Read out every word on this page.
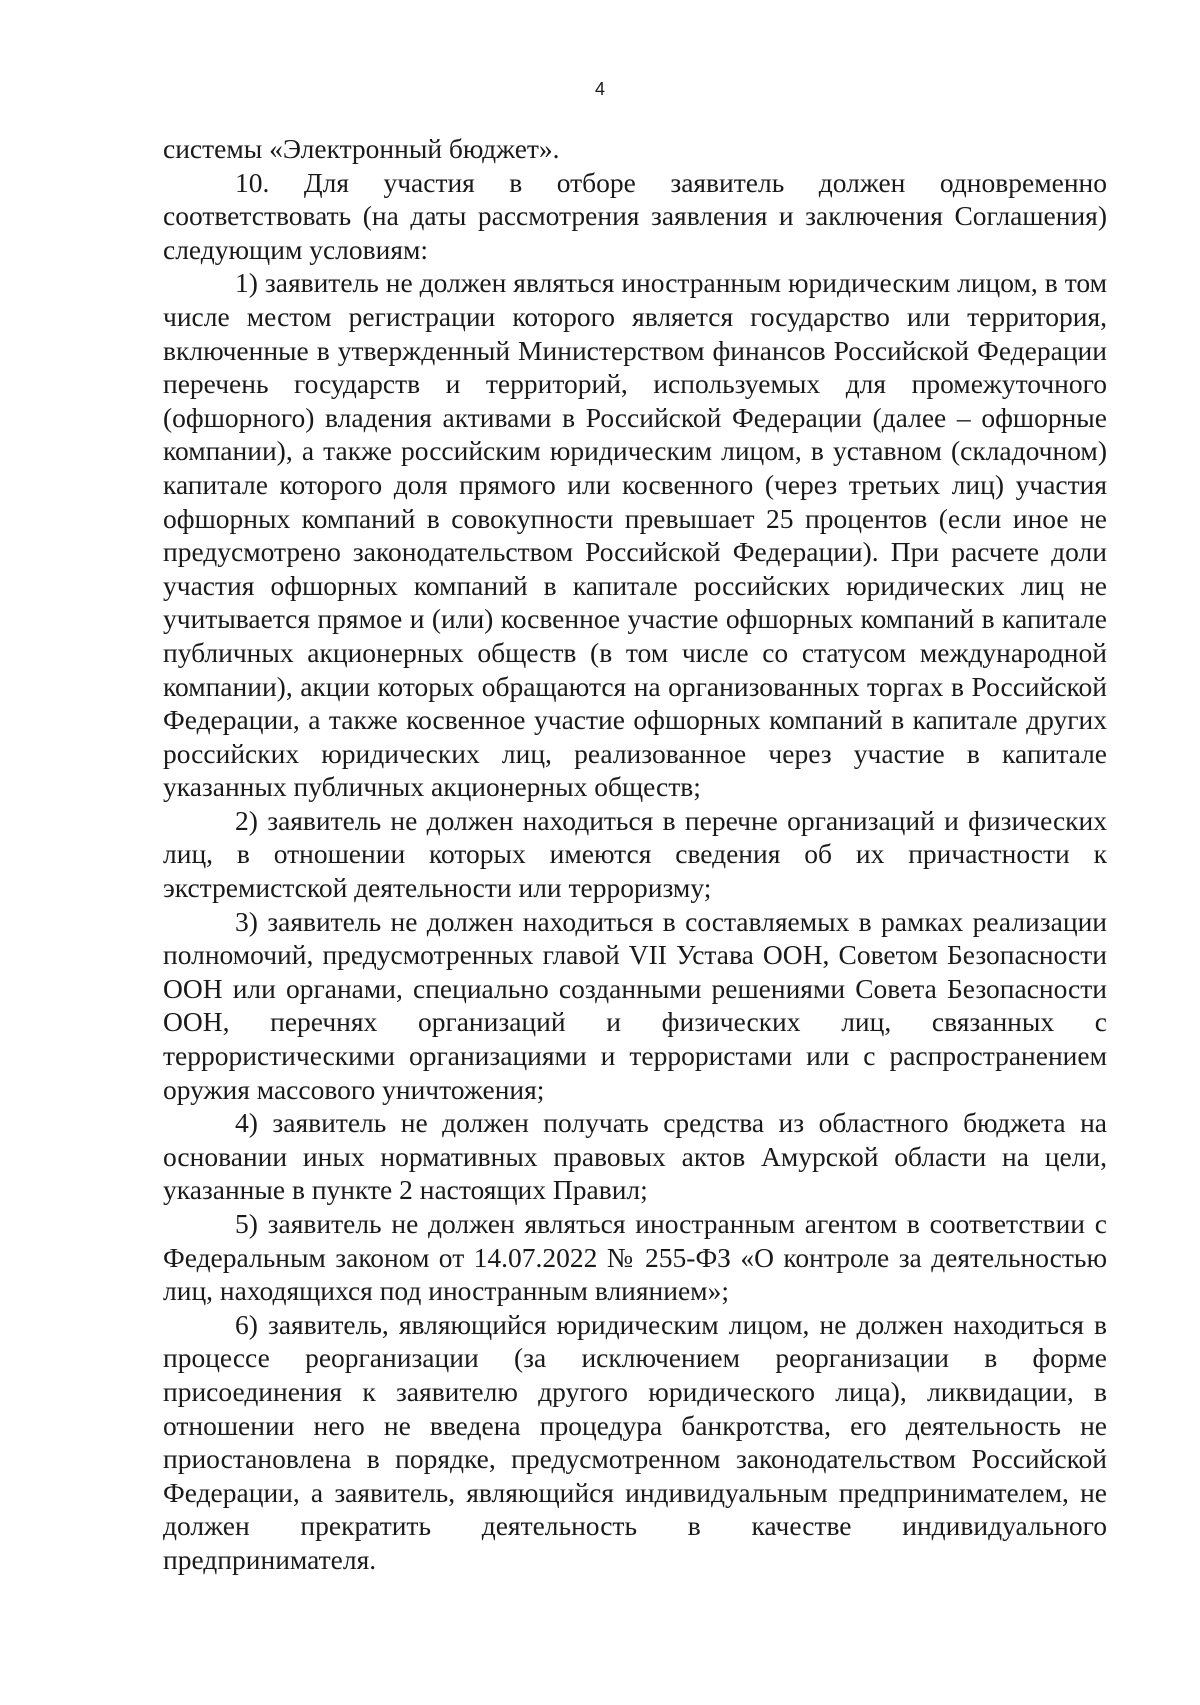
4

системы «Электронный бюджет».

10. Для участия в отборе заявитель должен одновременно соответствовать (на даты рассмотрения заявления и заключения Соглашения) следующим условиям:

1) заявитель не должен являться иностранным юридическим лицом, в том числе местом регистрации которого является государство или территория, включенные в утвержденный Министерством финансов Российской Федерации перечень государств и территорий, используемых для промежуточного (офшорного) владения активами в Российской Федерации (далее – офшорные компании), а также российским юридическим лицом, в уставном (складочном) капитале которого доля прямого или косвенного (через третьих лиц) участия офшорных компаний в совокупности превышает 25 процентов (если иное не предусмотрено законодательством Российской Федерации). При расчете доли участия офшорных компаний в капитале российских юридических лиц не учитывается прямое и (или) косвенное участие офшорных компаний в капитале публичных акционерных обществ (в том числе со статусом международной компании), акции которых обращаются на организованных торгах в Российской Федерации, а также косвенное участие офшорных компаний в капитале других российских юридических лиц, реализованное через участие в капитале указанных публичных акционерных обществ;

2) заявитель не должен находиться в перечне организаций и физических лиц, в отношении которых имеются сведения об их причастности к экстремистской деятельности или терроризму;

3) заявитель не должен находиться в составляемых в рамках реализации полномочий, предусмотренных главой VII Устава ООН, Советом Безопасности ООН или органами, специально созданными решениями Совета Безопасности ООН, перечнях организаций и физических лиц, связанных с террористическими организациями и террористами или с распространением оружия массового уничтожения;

4) заявитель не должен получать средства из областного бюджета на основании иных нормативных правовых актов Амурской области на цели, указанные в пункте 2 настоящих Правил;

5) заявитель не должен являться иностранным агентом в соответствии с Федеральным законом от 14.07.2022 № 255-ФЗ «О контроле за деятельностью лиц, находящихся под иностранным влиянием»;

6) заявитель, являющийся юридическим лицом, не должен находиться в процессе реорганизации (за исключением реорганизации в форме присоединения к заявителю другого юридического лица), ликвидации, в отношении него не введена процедура банкротства, его деятельность не приостановлена в порядке, предусмотренном законодательством Российской Федерации, а заявитель, являющийся индивидуальным предпринимателем, не должен прекратить деятельность в качестве индивидуального предпринимателя.
